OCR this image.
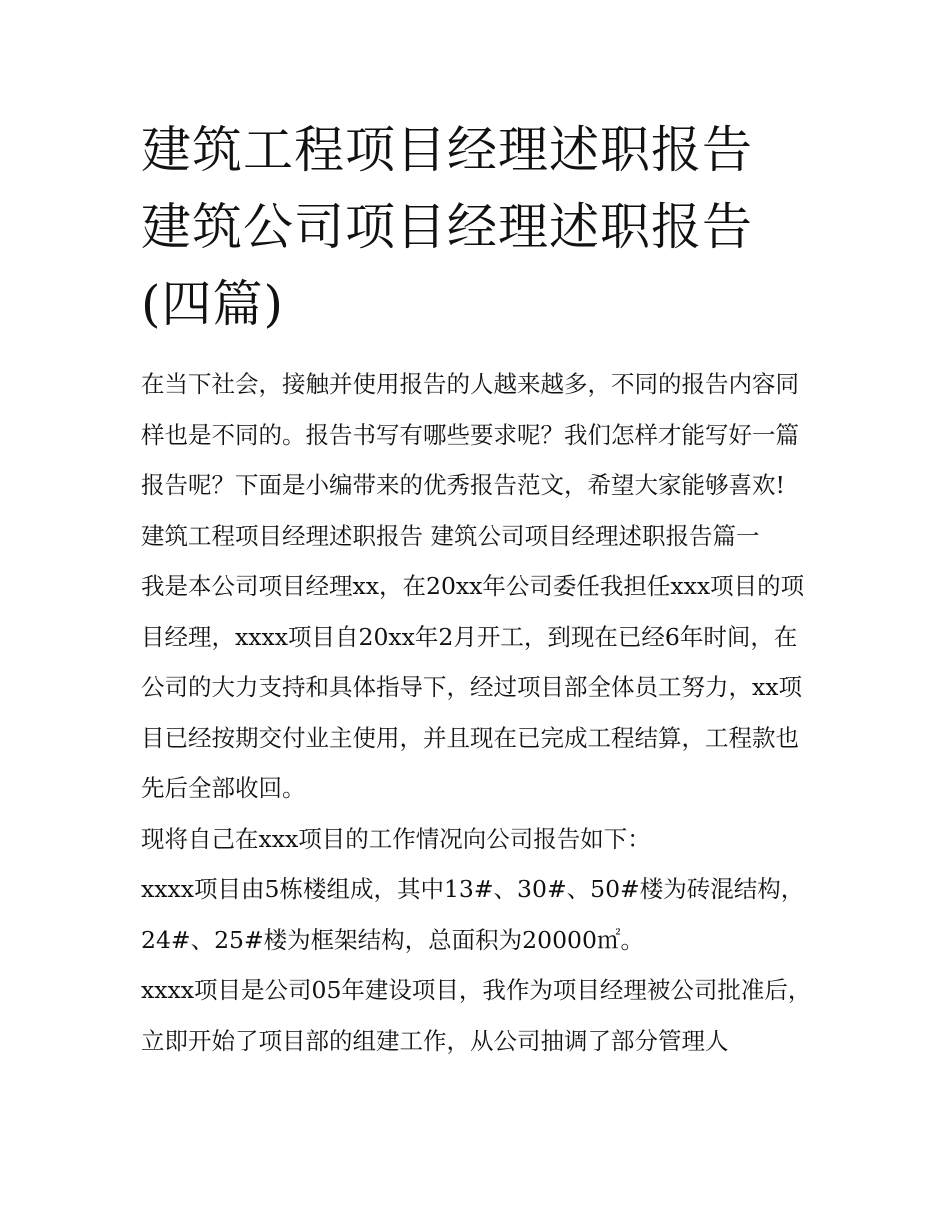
建筑工程项目经理述职报告 建筑公司项目经理述职报告(四篇)

在当下社会，接触并使用报告的人越来越多，不同的报告内容同样也是不同的。报告书写有哪些要求呢？我们怎样才能写好一篇报告呢？下面是小编带来的优秀报告范文，希望大家能够喜欢!

建筑工程项目经理述职报告 建筑公司项目经理述职报告篇一

我是本公司项目经理xx，在20xx年公司委任我担任xxx项目的项目经理，xxxx项目自20xx年2月开工，到现在已经6年时间，在公司的大力支持和具体指导下，经过项目部全体员工努力，xx项目已经按期交付业主使用，并且现在已完成工程结算，工程款也先后全部收回。

现将自己在xxx项目的工作情况向公司报告如下：

xxxx项目由5栋楼组成，其中13#、30#、50#楼为砖混结构，24#、25#楼为框架结构，总面积为20000㎡。

xxxx项目是公司05年建设项目，我作为项目经理被公司批准后，立即开始了项目部的组建工作，从公司抽调了部分管理人
